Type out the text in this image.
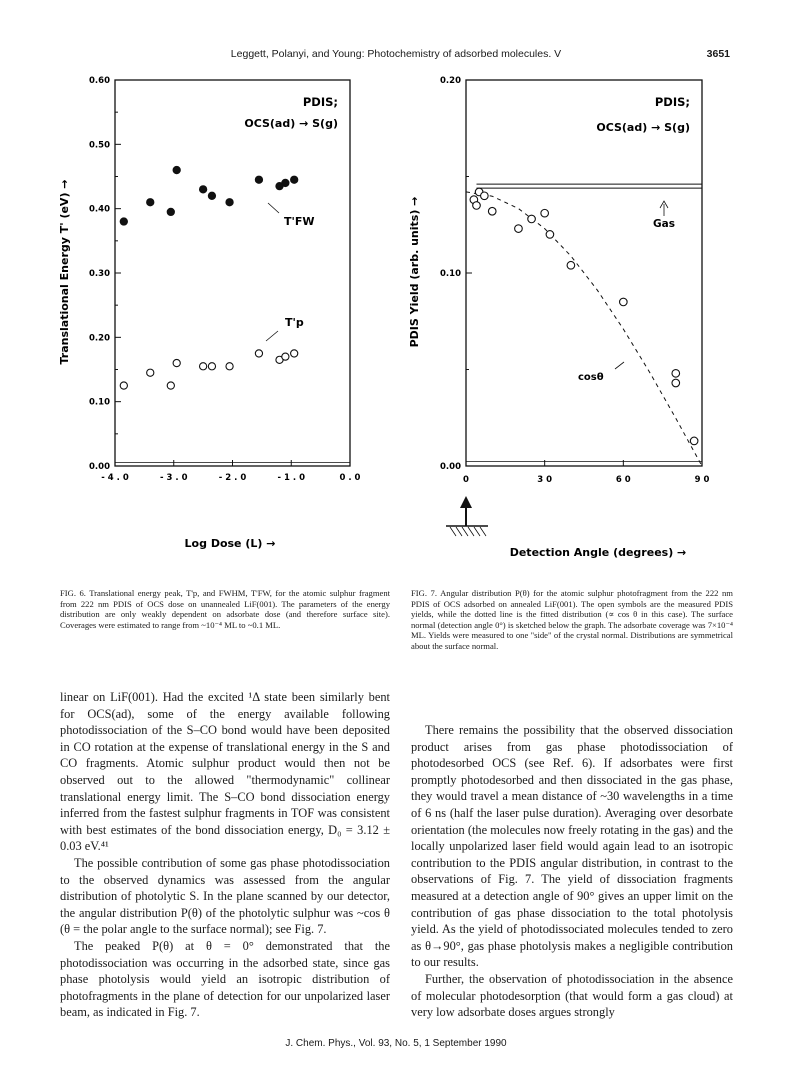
Leggett, Polanyi, and Young: Photochemistry of adsorbed molecules. V	3651
0.00
0.10
0.20
0.30
0.40
0.50
0.60
- 4 . 0	- 3 . 0	- 2 . 0	- 1 . 0	0 . 0
PDIS;
OCS(ad) → S(g)
T'FW
T'p
Translational Energy T' (eV) →
Log Dose (L) →
0.00
0.10
0.20
0	3 0	6 0	9 0
PDIS;
OCS(ad) → S(g)
Gas
cosθ
PDIS Yield (arb. units) →
Detection Angle (degrees) →
FIG. 6. Translational energy peak, T'p, and FWHM, T'FW, for the atomic sulphur fragment from 222 nm PDIS of OCS dose on unannealed LiF(001). The parameters of the energy distribution are only weakly dependent on adsorbate dose (and therefore surface site). Coverages were estimated to range from ~10⁻⁴ ML to ~0.1 ML.
FIG. 7. Angular distribution P(θ) for the atomic sulphur photofragment from the 222 nm PDIS of OCS adsorbed on annealed LiF(001). The open symbols are the measured PDIS yields, while the dotted line is the fitted distribution (∝ cos θ in this case). The surface normal (detection angle 0°) is sketched below the graph. The adsorbate coverage was 7×10⁻⁴ ML. Yields were measured to one "side" of the crystal normal. Distributions are symmetrical about the surface normal.

linear on LiF(001). Had the excited ¹Δ state been similarly bent for OCS(ad), some of the energy available following photodissociation of the S–CO bond would have been deposited in CO rotation at the expense of translational energy in the S and CO fragments. Atomic sulphur product would then not be observed out to the allowed "thermodynamic" collinear translational energy limit. The S–CO bond dissociation energy inferred from the fastest sulphur fragments in TOF was consistent with best estimates of the bond dissociation energy, D₀ = 3.12 ± 0.03 eV.⁴¹

The possible contribution of some gas phase photodissociation to the observed dynamics was assessed from the angular distribution of photolytic S. In the plane scanned by our detector, the angular distribution P(θ) of the photolytic sulphur was ~cos θ (θ = the polar angle to the surface normal); see Fig. 7.

The peaked P(θ) at θ = 0° demonstrated that the photodissociation was occurring in the adsorbed state, since gas phase photolysis would yield an isotropic distribution of photofragments in the plane of detection for our unpolarized laser beam, as indicated in Fig. 7.

There remains the possibility that the observed dissociation product arises from gas phase photodissociation of photodesorbed OCS (see Ref. 6). If adsorbates were first promptly photodesorbed and then dissociated in the gas phase, they would travel a mean distance of ~30 wavelengths in a time of 6 ns (half the laser pulse duration). Averaging over desorbate orientation (the molecules now freely rotating in the gas) and the locally unpolarized laser field would again lead to an isotropic contribution to the PDIS angular distribution, in contrast to the observations of Fig. 7. The yield of dissociation fragments measured at a detection angle of 90° gives an upper limit on the contribution of gas phase dissociation to the total photolysis yield. As the yield of photodissociated molecules tended to zero as θ→90°, gas phase photolysis makes a negligible contribution to our results.

Further, the observation of photodissociation in the absence of molecular photodesorption (that would form a gas cloud) at very low adsorbate doses argues strongly

J. Chem. Phys., Vol. 93, No. 5, 1 September 1990
